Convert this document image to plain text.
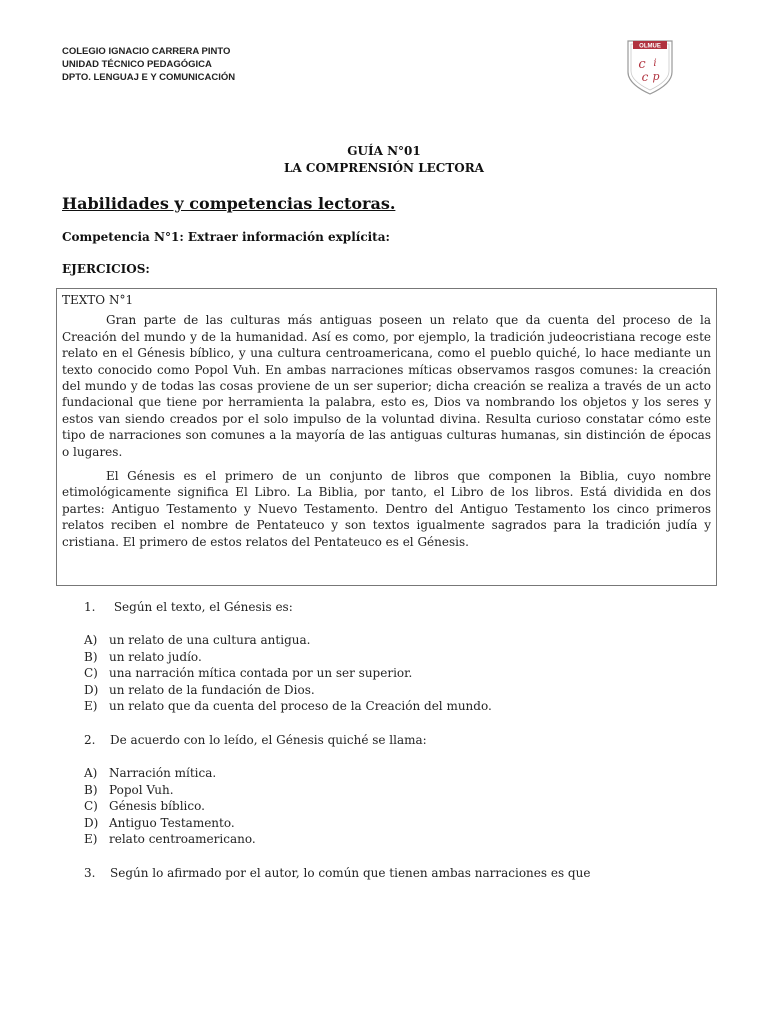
COLEGIO IGNACIO CARRERA PINTO
UNIDAD TÉCNICO PEDAGÓGICA
DPTO. LENGUAJ E Y COMUNICACIÓN
OLMUE
c i
c p
GUÍA N°01
LA COMPRENSIÓN LECTORA
Habilidades y competencias lectoras.
Competencia N°1: Extraer información explícita:
EJERCICIOS:

TEXTO N°1

Gran parte de las culturas más antiguas poseen un relato que da cuenta del proceso de la Creación del mundo y de la humanidad. Así es como, por ejemplo, la tradición judeocristiana recoge este relato en el Génesis bíblico, y una cultura centroamericana, como el pueblo quiché, lo hace mediante un texto conocido como Popol Vuh. En ambas narraciones míticas observamos rasgos comunes: la creación del mundo y de todas las cosas proviene de un ser superior; dicha creación se realiza a través de un acto fundacional que tiene por herramienta la palabra, esto es, Dios va nombrando los objetos y los seres y estos van siendo creados por el solo impulso de la voluntad divina. Resulta curioso constatar cómo este tipo de narraciones son comunes a la mayoría de las antiguas culturas humanas, sin distinción de épocas o lugares.

El Génesis es el primero de un conjunto de libros que componen la Biblia, cuyo nombre etimológicamente significa El Libro. La Biblia, por tanto, el Libro de los libros. Está dividida en dos partes: Antiguo Testamento y Nuevo Testamento. Dentro del Antiguo Testamento los cinco primeros relatos reciben el nombre de Pentateuco y son textos igualmente sagrados para la tradición judía y cristiana. El primero de estos relatos del Pentateuco es el Génesis.

1. Según el texto, el Génesis es:
A) un relato de una cultura antigua.
B) un relato judío.
C) una narración mítica contada por un ser superior.
D) un relato de la fundación de Dios.
E) un relato que da cuenta del proceso de la Creación del mundo.
2. De acuerdo con lo leído, el Génesis quiché se llama:
A) Narración mítica.
B) Popol Vuh.
C) Génesis bíblico.
D) Antiguo Testamento.
E) relato centroamericano.
3. Según lo afirmado por el autor, lo común que tienen ambas narraciones es que
